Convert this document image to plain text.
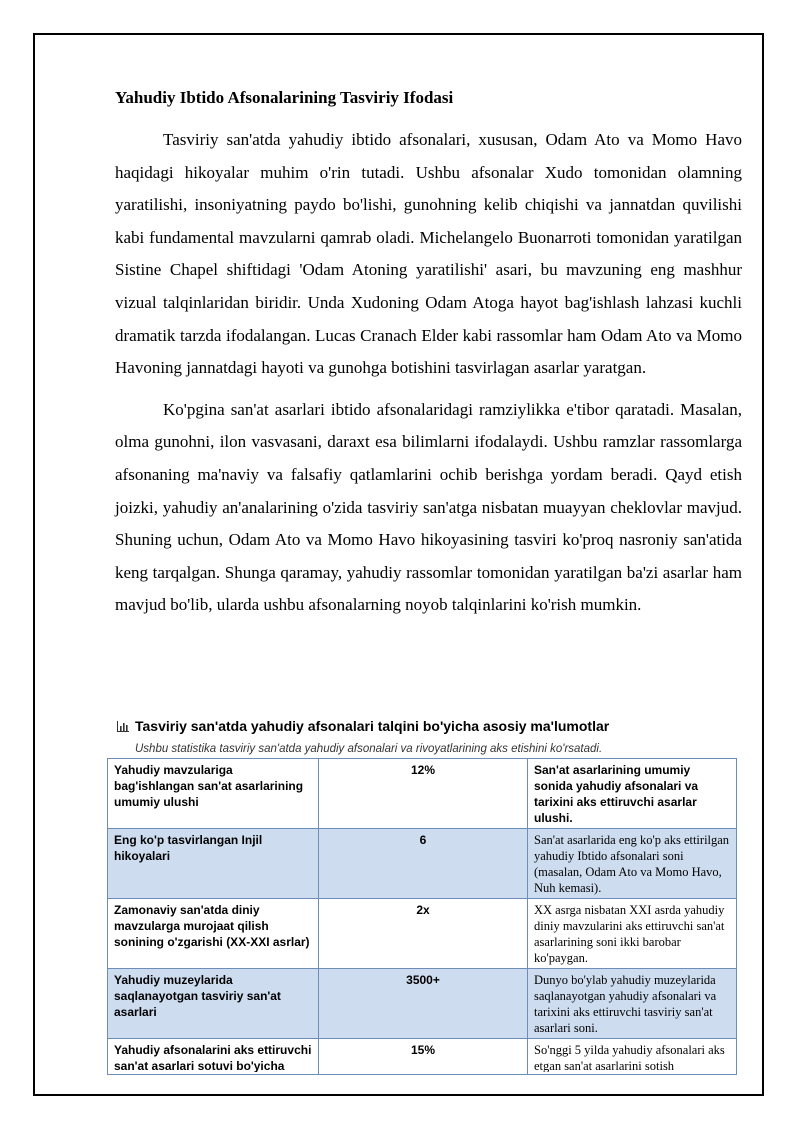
Yahudiy Ibtido Afsonalarining Tasviriy Ifodasi

Tasviriy san'atda yahudiy ibtido afsonalari, xususan, Odam Ato va Momo Havo haqidagi hikoyalar muhim o'rin tutadi. Ushbu afsonalar Xudo tomonidan olamning yaratilishi, insoniyatning paydo bo'lishi, gunohning kelib chiqishi va jannatdan quvilishi kabi fundamental mavzularni qamrab oladi. Michelangelo Buonarroti tomonidan yaratilgan Sistine Chapel shiftidagi 'Odam Atoning yaratilishi' asari, bu mavzuning eng mashhur vizual talqinlaridan biridir. Unda Xudoning Odam Atoga hayot bag'ishlash lahzasi kuchli dramatik tarzda ifodalangan. Lucas Cranach Elder kabi rassomlar ham Odam Ato va Momo Havoning jannatdagi hayoti va gunohga botishini tasvirlagan asarlar yaratgan.

Ko'pgina san'at asarlari ibtido afsonalaridagi ramziylikka e'tibor qaratadi. Masalan, olma gunohni, ilon vasvasani, daraxt esa bilimlarni ifodalaydi. Ushbu ramzlar rassomlarga afsonaning ma'naviy va falsafiy qatlamlarini ochib berishga yordam beradi. Qayd etish joizki, yahudiy an'analarining o'zida tasviriy san'atga nisbatan muayyan cheklovlar mavjud. Shuning uchun, Odam Ato va Momo Havo hikoyasining tasviri ko'proq nasroniy san'atida keng tarqalgan. Shunga qaramay, yahudiy rassomlar tomonidan yaratilgan ba'zi asarlar ham mavjud bo'lib, ularda ushbu afsonalarning noyob talqinlarini ko'rish mumkin.

Tasviriy san'atda yahudiy afsonalari talqini bo'yicha asosiy ma'lumotlar
Ushbu statistika tasviriy san'atda yahudiy afsonalari va rivoyatlarining aks etishini ko'rsatadi.
Yahudiy mavzulariga bag'ishlangan san'at asarlarining umumiy ulushi	12%	San'at asarlarining umumiy sonida yahudiy afsonalari va tarixini aks ettiruvchi asarlar ulushi.
Eng ko'p tasvirlangan Injil hikoyalari	6	San'at asarlarida eng ko'p aks ettirilgan yahudiy Ibtido afsonalari soni (masalan, Odam Ato va Momo Havo, Nuh kemasi).
Zamonaviy san'atda diniy mavzularga murojaat qilish sonining o'zgarishi (XX-XXI asrlar)	2x	XX asrga nisbatan XXI asrda yahudiy diniy mavzularini aks ettiruvchi san'at asarlarining soni ikki barobar ko'paygan.
Yahudiy muzeylarida saqlanayotgan tasviriy san'at asarlari	3500+	Dunyo bo'ylab yahudiy muzeylarida saqlanayotgan yahudiy afsonalari va tarixini aks ettiruvchi tasviriy san'at asarlari soni.

Yahudiy afsonalarini aks ettiruvchi san'at asarlari sotuvi bo'yicha	15%	So'nggi 5 yilda yahudiy afsonalari aks etgan san'at asarlarini sotish
